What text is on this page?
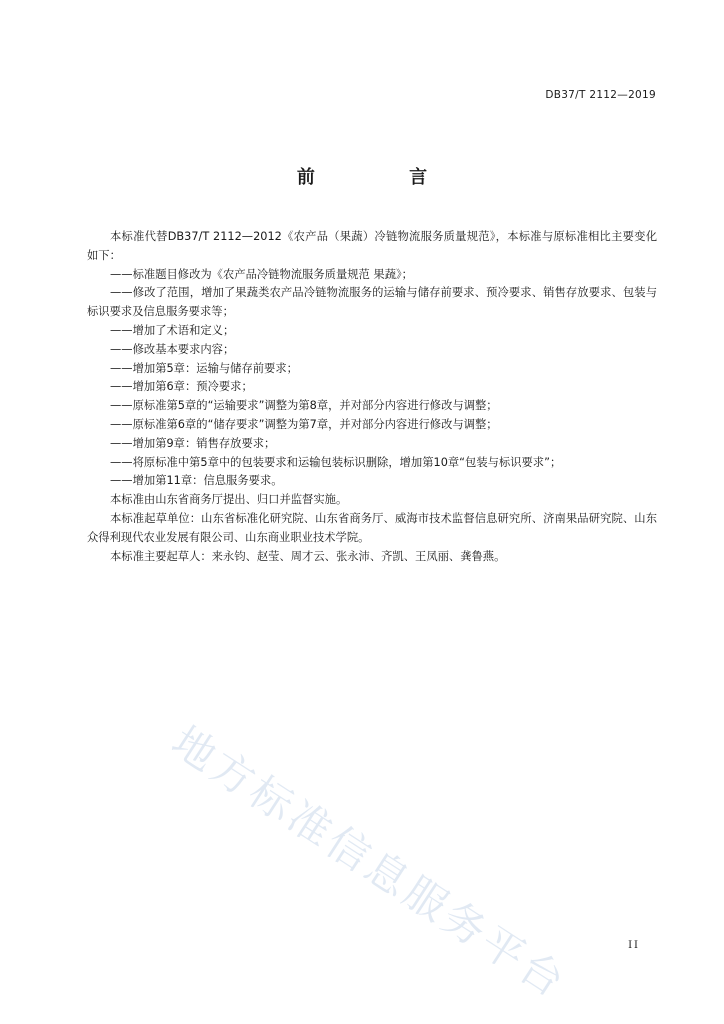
DB37/T 2112—2019
前 言

本标准代替DB37/T 2112—2012《农产品（果蔬）冷链物流服务质量规范》，本标准与原标准相比主要变化如下：

——标准题目修改为《农产品冷链物流服务质量规范 果蔬》；

——修改了范围，增加了果蔬类农产品冷链物流服务的运输与储存前要求、预冷要求、销售存放要求、包装与标识要求及信息服务要求等；

——增加了术语和定义；

——修改基本要求内容；

——增加第5章：运输与储存前要求；

——增加第6章：预冷要求；

——原标准第5章的“运输要求”调整为第8章，并对部分内容进行修改与调整；

——原标准第6章的“储存要求”调整为第7章，并对部分内容进行修改与调整；

——增加第9章：销售存放要求；

——将原标准中第5章中的包装要求和运输包装标识删除，增加第10章“包装与标识要求”；

——增加第11章：信息服务要求。

本标准由山东省商务厅提出、归口并监督实施。

本标准起草单位：山东省标准化研究院、山东省商务厅、威海市技术监督信息研究所、济南果品研究院、山东众得利现代农业发展有限公司、山东商业职业技术学院。

本标准主要起草人：来永钧、赵莹、周才云、张永沛、齐凯、王凤丽、龚鲁燕。

地方标准信息服务平台	II
